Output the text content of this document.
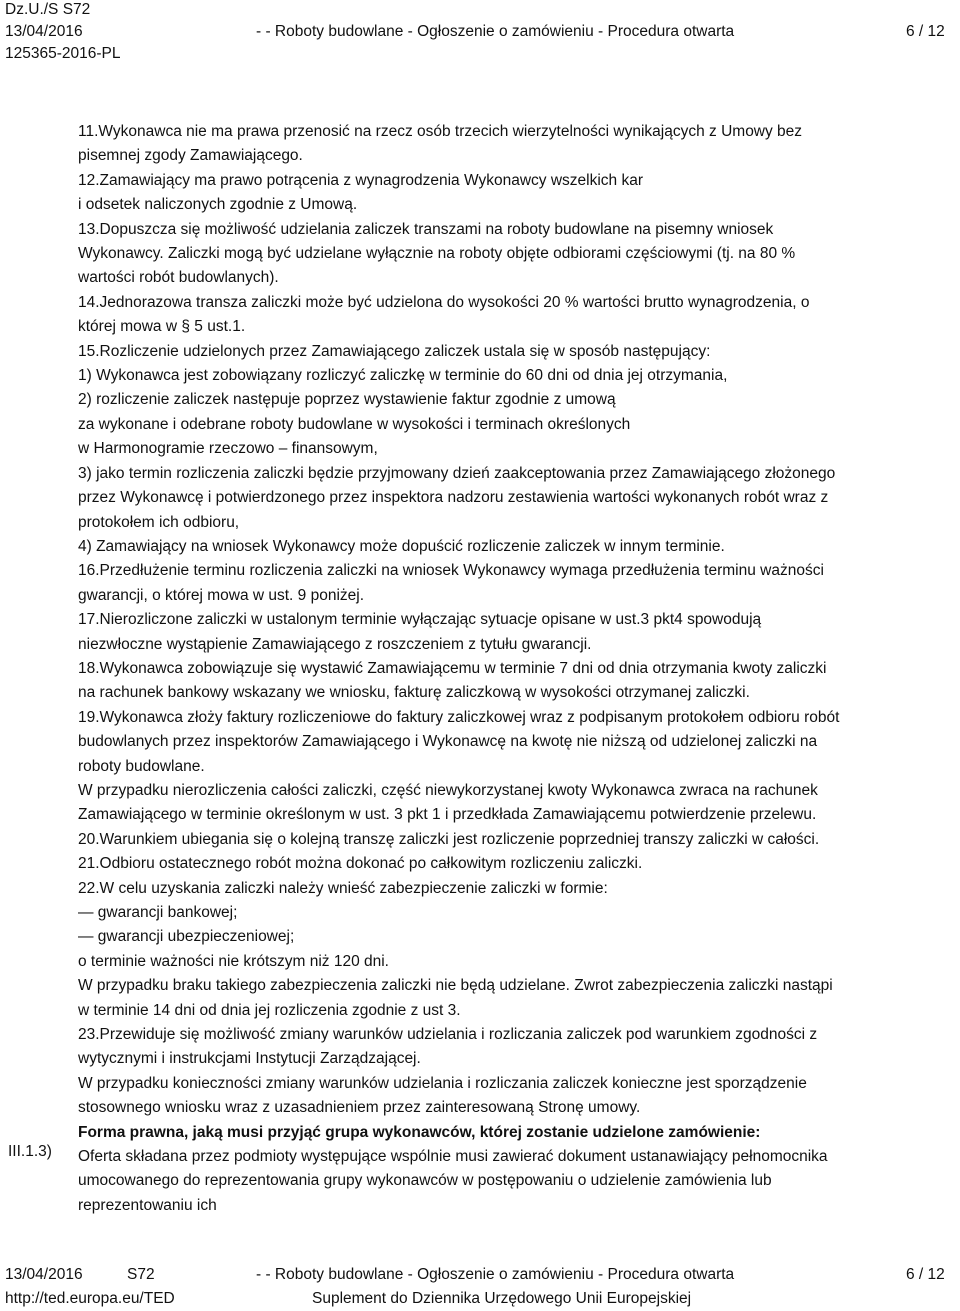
Dz.U./S S72
13/04/2016
125365-2016-PL
- - Roboty budowlane - Ogłoszenie o zamówieniu - Procedura otwarta	6 / 12
III.1.3)

11.Wykonawca nie ma prawa przenosić na rzecz osób trzecich wierzytelności wynikających z Umowy bez

pisemnej zgody Zamawiającego.

12.Zamawiający ma prawo potrącenia z wynagrodzenia Wykonawcy wszelkich kar

i odsetek naliczonych zgodnie z Umową.

13.Dopuszcza się możliwość udzielania zaliczek transzami na roboty budowlane na pisemny wniosek

Wykonawcy. Zaliczki mogą być udzielane wyłącznie na roboty objęte odbiorami częściowymi (tj. na 80 %

wartości robót budowlanych).

14.Jednorazowa transza zaliczki może być udzielona do wysokości 20 % wartości brutto wynagrodzenia, o

której mowa w § 5 ust.1.

15.Rozliczenie udzielonych przez Zamawiającego zaliczek ustala się w sposób następujący:

1) Wykonawca jest zobowiązany rozliczyć zaliczkę w terminie do 60 dni od dnia jej otrzymania,

2) rozliczenie zaliczek następuje poprzez wystawienie faktur zgodnie z umową

za wykonane i odebrane roboty budowlane w wysokości i terminach określonych

w Harmonogramie rzeczowo – finansowym,

3) jako termin rozliczenia zaliczki będzie przyjmowany dzień zaakceptowania przez Zamawiającego złożonego

przez Wykonawcę i potwierdzonego przez inspektora nadzoru zestawienia wartości wykonanych robót wraz z

protokołem ich odbioru,

4) Zamawiający na wniosek Wykonawcy może dopuścić rozliczenie zaliczek w innym terminie.

16.Przedłużenie terminu rozliczenia zaliczki na wniosek Wykonawcy wymaga przedłużenia terminu ważności

gwarancji, o której mowa w ust. 9 poniżej.

17.Nierozliczone zaliczki w ustalonym terminie wyłączając sytuacje opisane w ust.3 pkt4 spowodują

niezwłoczne wystąpienie Zamawiającego z roszczeniem z tytułu gwarancji.

18.Wykonawca zobowiązuje się wystawić Zamawiającemu w terminie 7 dni od dnia otrzymania kwoty zaliczki

na rachunek bankowy wskazany we wniosku, fakturę zaliczkową w wysokości otrzymanej zaliczki.

19.Wykonawca złoży faktury rozliczeniowe do faktury zaliczkowej wraz z podpisanym protokołem odbioru robót

budowlanych przez inspektorów Zamawiającego i Wykonawcę na kwotę nie niższą od udzielonej zaliczki na

roboty budowlane.

W przypadku nierozliczenia całości zaliczki, część niewykorzystanej kwoty Wykonawca zwraca na rachunek

Zamawiającego w terminie określonym w ust. 3 pkt 1 i przedkłada Zamawiającemu potwierdzenie przelewu.

20.Warunkiem ubiegania się o kolejną transzę zaliczki jest rozliczenie poprzedniej transzy zaliczki w całości.

21.Odbioru ostatecznego robót można dokonać po całkowitym rozliczeniu zaliczki.

22.W celu uzyskania zaliczki należy wnieść zabezpieczenie zaliczki w formie:

— gwarancji bankowej;

— gwarancji ubezpieczeniowej;

o terminie ważności nie krótszym niż 120 dni.

W przypadku braku takiego zabezpieczenia zaliczki nie będą udzielane. Zwrot zabezpieczenia zaliczki nastąpi

w terminie 14 dni od dnia jej rozliczenia zgodnie z ust 3.

23.Przewiduje się możliwość zmiany warunków udzielania i rozliczania zaliczek pod warunkiem zgodności z

wytycznymi i instrukcjami Instytucji Zarządzającej.

W przypadku konieczności zmiany warunków udzielania i rozliczania zaliczek konieczne jest sporządzenie

stosownego wniosku wraz z uzasadnieniem przez zainteresowaną Stronę umowy.

Forma prawna, jaką musi przyjąć grupa wykonawców, której zostanie udzielone zamówienie:

Oferta składana przez podmioty występujące wspólnie musi zawierać dokument ustanawiający pełnomocnika

umocowanego do reprezentowania grupy wykonawców w postępowaniu o udzielenie zamówienia lub

reprezentowaniu ich

13/04/2016	S72	- - Roboty budowlane - Ogłoszenie o zamówieniu - Procedura otwarta	6 / 12
http://ted.europa.eu/TED	Suplement do Dziennika Urzędowego Unii Europejskiej
